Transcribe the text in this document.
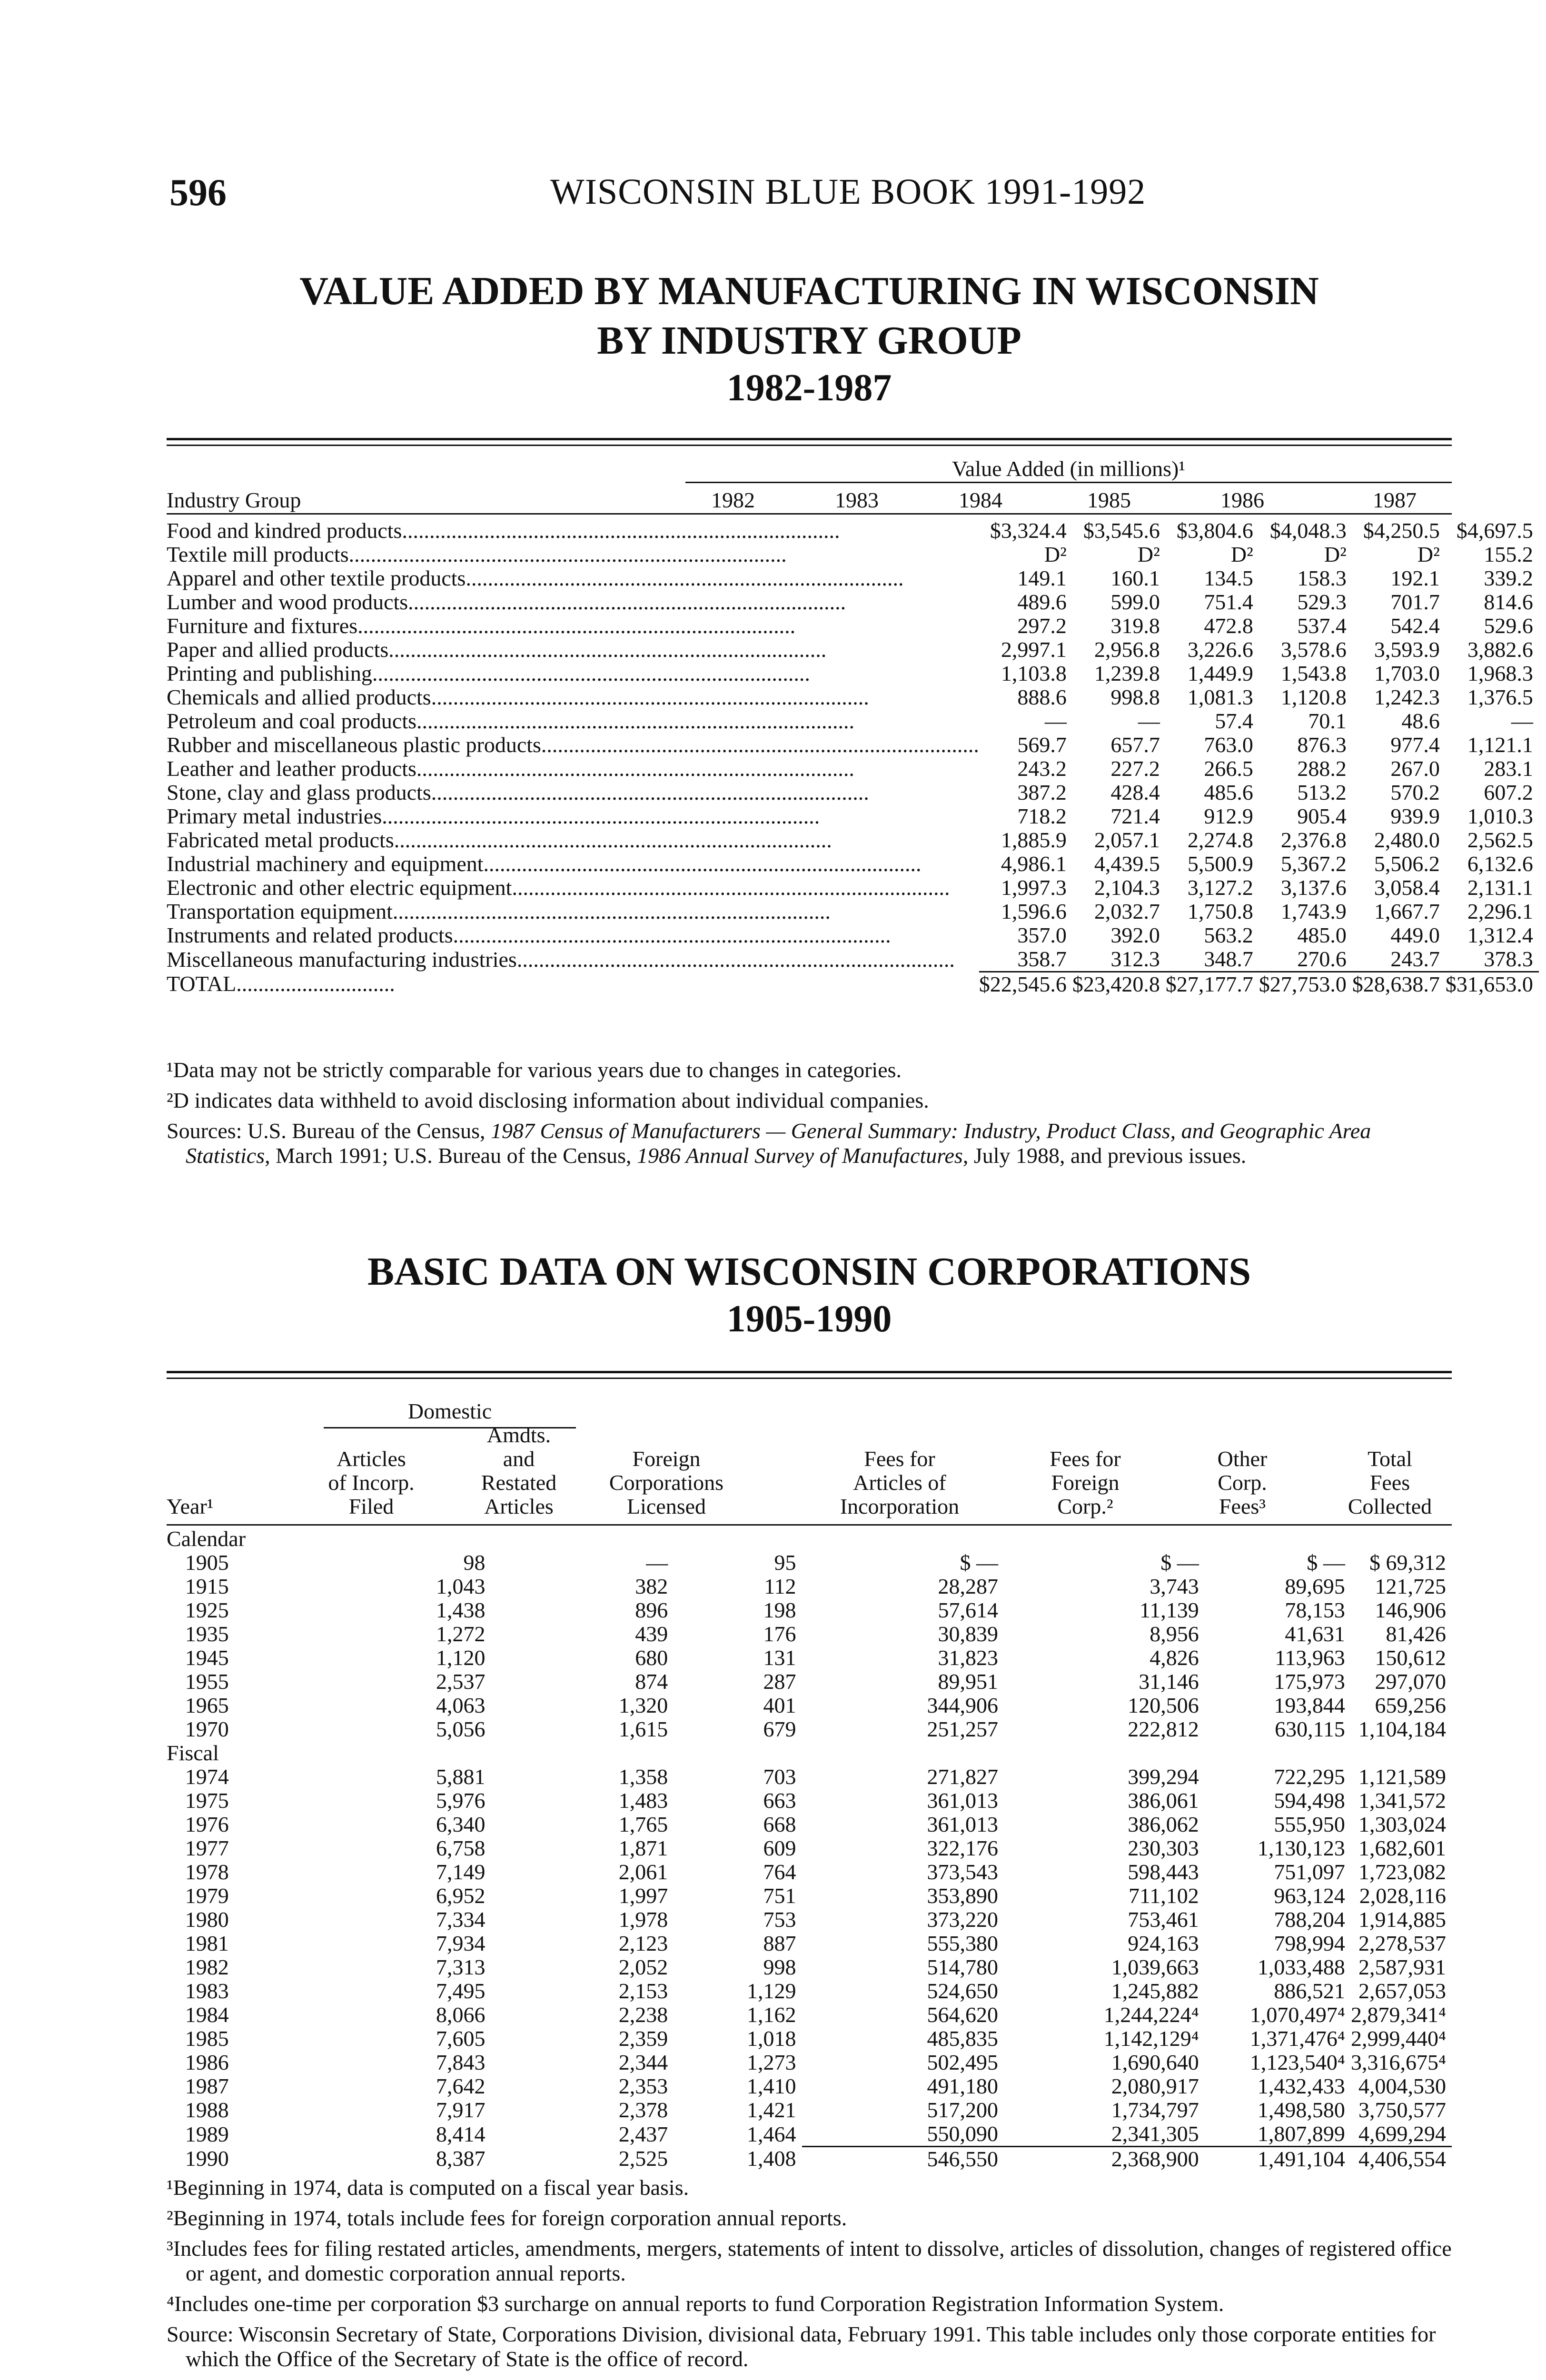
596	WISCONSIN BLUE BOOK 1991-1992
VALUE ADDED BY MANUFACTURING IN WISCONSIN
BY INDUSTRY GROUP
1982-1987
Value Added (in millions)¹
Industry Group	1982	1983	1984	1985	1986	1987
Food and kindred products................................................................................	$3,324.4	$3,545.6	$3,804.6	$4,048.3	$4,250.5	$4,697.5
Textile mill products................................................................................	D²	D²	D²	D²	D²	155.2
Apparel and other textile products................................................................................	149.1	160.1	134.5	158.3	192.1	339.2
Lumber and wood products................................................................................	489.6	599.0	751.4	529.3	701.7	814.6
Furniture and fixtures................................................................................	297.2	319.8	472.8	537.4	542.4	529.6
Paper and allied products................................................................................	2,997.1	2,956.8	3,226.6	3,578.6	3,593.9	3,882.6
Printing and publishing................................................................................	1,103.8	1,239.8	1,449.9	1,543.8	1,703.0	1,968.3
Chemicals and allied products................................................................................	888.6	998.8	1,081.3	1,120.8	1,242.3	1,376.5
Petroleum and coal products................................................................................	—	—	57.4	70.1	48.6	—
Rubber and miscellaneous plastic products................................................................................	569.7	657.7	763.0	876.3	977.4	1,121.1
Leather and leather products................................................................................	243.2	227.2	266.5	288.2	267.0	283.1
Stone, clay and glass products................................................................................	387.2	428.4	485.6	513.2	570.2	607.2
Primary metal industries................................................................................	718.2	721.4	912.9	905.4	939.9	1,010.3
Fabricated metal products................................................................................	1,885.9	2,057.1	2,274.8	2,376.8	2,480.0	2,562.5
Industrial machinery and equipment................................................................................	4,986.1	4,439.5	5,500.9	5,367.2	5,506.2	6,132.6
Electronic and other electric equipment................................................................................	1,997.3	2,104.3	3,127.2	3,137.6	3,058.4	2,131.1
Transportation equipment................................................................................	1,596.6	2,032.7	1,750.8	1,743.9	1,667.7	2,296.1
Instruments and related products................................................................................	357.0	392.0	563.2	485.0	449.0	1,312.4
Miscellaneous manufacturing industries................................................................................	358.7	312.3	348.7	270.6	243.7	378.3
TOTAL.............................	$22,545.6	$23,420.8	$27,177.7	$27,753.0	$28,638.7	$31,653.0

¹Data may not be strictly comparable for various years due to changes in categories.

²D indicates data withheld to avoid disclosing information about individual companies.

Sources: U.S. Bureau of the Census, 1987 Census of Manufacturers — General Summary: Industry, Product Class, and Geographic Area Statistics, March 1991; U.S. Bureau of the Census, 1986 Annual Survey of Manufactures, July 1988, and previous issues.

BASIC DATA ON WISCONSIN CORPORATIONS
1905-1990
Domestic
Year¹
Articles
of Incorp.
Filed
Amdts.
and
Restated
Articles
Foreign
Corporations
Licensed
Fees for
Articles of
Incorporation
Fees for
Foreign
Corp.²
Other
Corp.
Fees³
Total
Fees
Collected
Calendar							
1905	98	—	95	$ —	$ —	$ —	$ 69,312
1915	1,043	382	112	28,287	3,743	89,695	121,725
1925	1,438	896	198	57,614	11,139	78,153	146,906
1935	1,272	439	176	30,839	8,956	41,631	81,426
1945	1,120	680	131	31,823	4,826	113,963	150,612
1955	2,537	874	287	89,951	31,146	175,973	297,070
1965	4,063	1,320	401	344,906	120,506	193,844	659,256
1970	5,056	1,615	679	251,257	222,812	630,115	1,104,184
Fiscal							
1974	5,881	1,358	703	271,827	399,294	722,295	1,121,589
1975	5,976	1,483	663	361,013	386,061	594,498	1,341,572
1976	6,340	1,765	668	361,013	386,062	555,950	1,303,024
1977	6,758	1,871	609	322,176	230,303	1,130,123	1,682,601
1978	7,149	2,061	764	373,543	598,443	751,097	1,723,082
1979	6,952	1,997	751	353,890	711,102	963,124	2,028,116
1980	7,334	1,978	753	373,220	753,461	788,204	1,914,885
1981	7,934	2,123	887	555,380	924,163	798,994	2,278,537
1982	7,313	2,052	998	514,780	1,039,663	1,033,488	2,587,931
1983	7,495	2,153	1,129	524,650	1,245,882	886,521	2,657,053
1984	8,066	2,238	1,162	564,620	1,244,224⁴	1,070,497⁴	2,879,341⁴
1985	7,605	2,359	1,018	485,835	1,142,129⁴	1,371,476⁴	2,999,440⁴
1986	7,843	2,344	1,273	502,495	1,690,640	1,123,540⁴	3,316,675⁴
1987	7,642	2,353	1,410	491,180	2,080,917	1,432,433	4,004,530
1988	7,917	2,378	1,421	517,200	1,734,797	1,498,580	3,750,577
1989	8,414	2,437	1,464	550,090	2,341,305	1,807,899	4,699,294
1990	8,387	2,525	1,408	546,550	2,368,900	1,491,104	4,406,554

¹Beginning in 1974, data is computed on a fiscal year basis.

²Beginning in 1974, totals include fees for foreign corporation annual reports.

³Includes fees for filing restated articles, amendments, mergers, statements of intent to dissolve, articles of dissolution, changes of registered office or agent, and domestic corporation annual reports.

⁴Includes one-time per corporation $3 surcharge on annual reports to fund Corporation Registration Information System.

Source: Wisconsin Secretary of State, Corporations Division, divisional data, February 1991. This table includes only those corporate entities for which the Office of the Secretary of State is the office of record.
